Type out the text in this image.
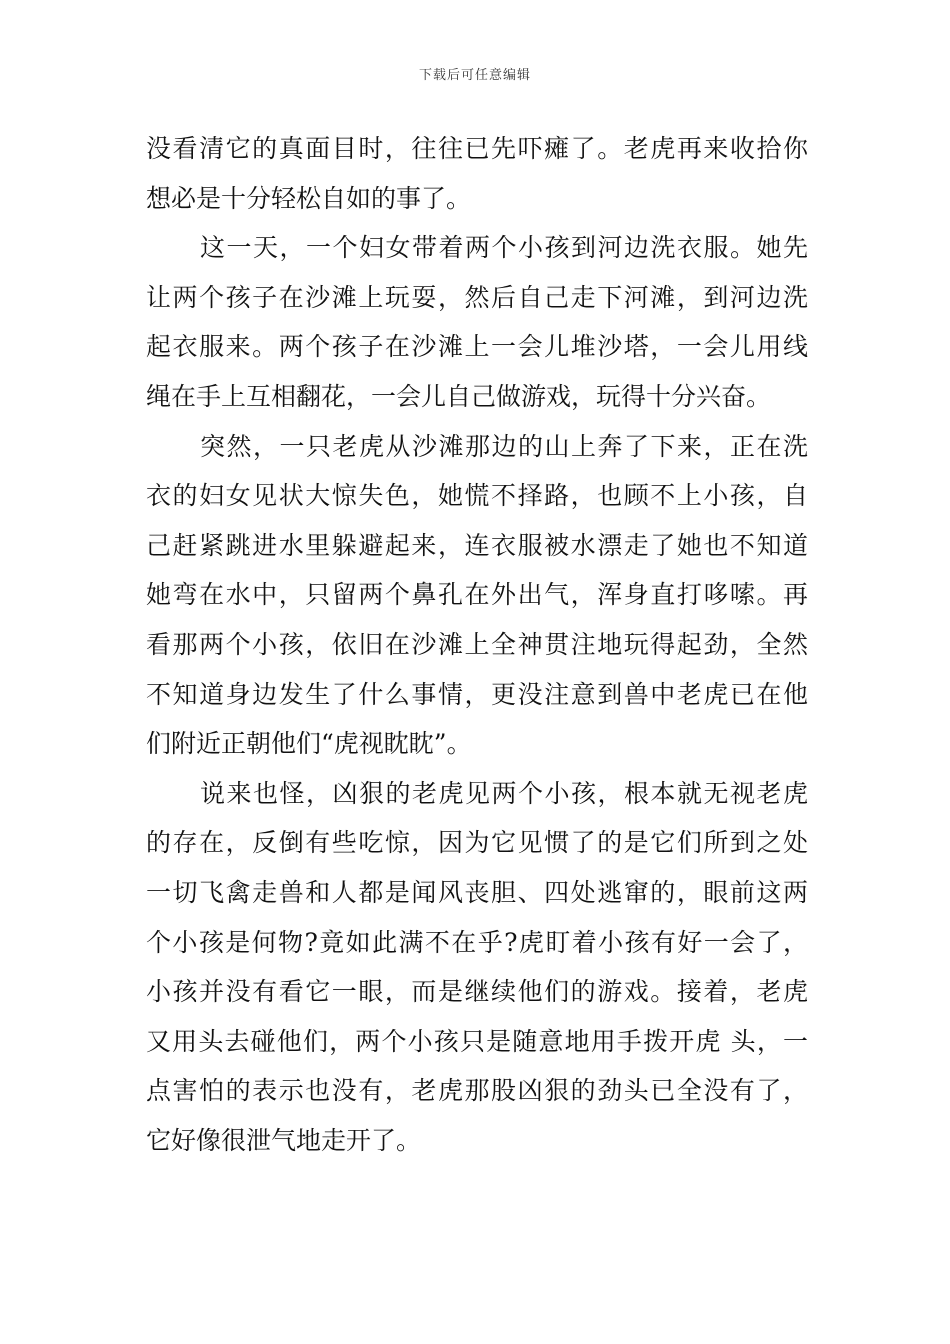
下载后可任意编辑
没看清它的真面目时，往往已先吓瘫了。老虎再来收拾你
想必是十分轻松自如的事了。
这一天，一个妇女带着两个小孩到河边洗衣服。她先
让两个孩子在沙滩上玩耍，然后自己走下河滩，到河边洗
起衣服来。两个孩子在沙滩上一会儿堆沙塔，一会儿用线
绳在手上互相翻花，一会儿自己做游戏，玩得十分兴奋。
突然，一只老虎从沙滩那边的山上奔了下来，正在洗
衣的妇女见状大惊失色，她慌不择路，也顾不上小孩，自
己赶紧跳进水里躲避起来，连衣服被水漂走了她也不知道
她弯在水中，只留两个鼻孔在外出气，浑身直打哆嗦。再
看那两个小孩，依旧在沙滩上全神贯注地玩得起劲，全然
不知道身边发生了什么事情，更没注意到兽中老虎已在他
们附近正朝他们“虎视眈眈”。
说来也怪，凶狠的老虎见两个小孩，根本就无视老虎
的存在，反倒有些吃惊，因为它见惯了的是它们所到之处
一切飞禽走兽和人都是闻风丧胆、四处逃窜的，眼前这两
个小孩是何物?竟如此满不在乎?虎盯着小孩有好一会了，
小孩并没有看它一眼，而是继续他们的游戏。接着，老虎
又用头去碰他们，两个小孩只是随意地用手拨开虎 头，一
点害怕的表示也没有，老虎那股凶狠的劲头已全没有了，
它好像很泄气地走开了。
